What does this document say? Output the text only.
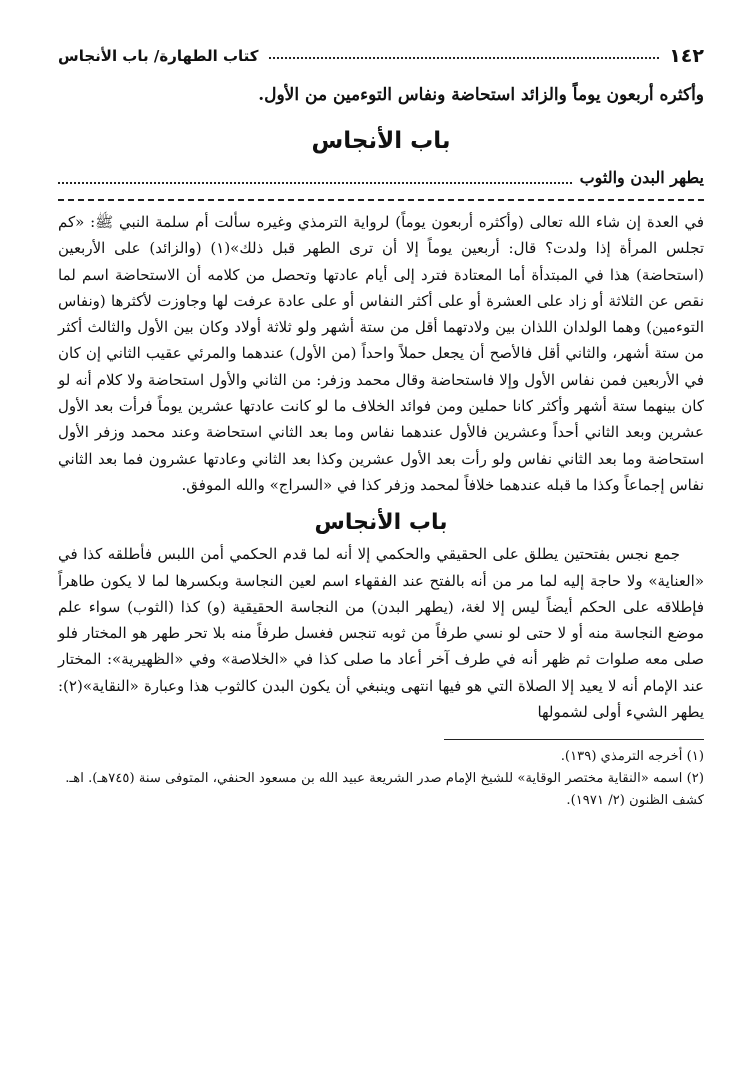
١٤٢
كتاب الطهارة/ باب الأنجاس
وأكثره أربعون يوماً والزائد استحاضة ونفاس التوءمين من الأول.
باب الأنجاس
يطهر البدن والثوب

في العدة إن شاء الله تعالى (وأكثره أربعون يوماً) لرواية الترمذي وغيره سألت أم سلمة النبي ﷺ: «كم تجلس المرأة إذا ولدت؟ قال: أربعين يوماً إلا أن ترى الطهر قبل ذلك»(١) (والزائد) على الأربعين (استحاضة) هذا في المبتدأة أما المعتادة فترد إلى أيام عادتها وتحصل من كلامه أن الاستحاضة اسم لما نقص عن الثلاثة أو زاد على العشرة أو على أكثر النفاس أو على عادة عرفت لها وجاوزت لأكثرها (ونفاس التوءمين) وهما الولدان اللذان بين ولادتهما أقل من ستة أشهر ولو ثلاثة أولاد وكان بين الأول والثالث أكثر من ستة أشهر، والثاني أقل فالأصح أن يجعل حملاً واحداً (من الأول) عندهما والمرئي عقيب الثاني إن كان في الأربعين فمن نفاس الأول وإلا فاستحاضة وقال محمد وزفر: من الثاني والأول استحاضة ولا كلام أنه لو كان بينهما ستة أشهر وأكثر كانا حملين ومن فوائد الخلاف ما لو كانت عادتها عشرين يوماً فرأت بعد الأول عشرين وبعد الثاني أحداً وعشرين فالأول عندهما نفاس وما بعد الثاني استحاضة وعند محمد وزفر الأول استحاضة وما بعد الثاني نفاس ولو رأت بعد الأول عشرين وكذا بعد الثاني وعادتها عشرون فما بعد الثاني نفاس إجماعاً وكذا ما قبله عندهما خلافاً لمحمد وزفر كذا في «السراج» والله الموفق.

باب الأنجاس

جمع نجس بفتحتين يطلق على الحقيقي والحكمي إلا أنه لما قدم الحكمي أمن اللبس فأطلقه كذا في «العناية» ولا حاجة إليه لما مر من أنه بالفتح عند الفقهاء اسم لعين النجاسة وبكسرها لما لا يكون طاهراً فإطلاقه على الحكم أيضاً ليس إلا لغة، (يطهر البدن) من النجاسة الحقيقية (و) كذا (الثوب) سواء علم موضع النجاسة منه أو لا حتى لو نسي طرفاً من ثوبه تنجس فغسل طرفاً منه بلا تحر طهر هو المختار فلو صلى معه صلوات ثم ظهر أنه في طرف آخر أعاد ما صلى كذا في «الخلاصة» وفي «الظهيرية»: المختار عند الإمام أنه لا يعيد إلا الصلاة التي هو فيها انتهى وينبغي أن يكون البدن كالثوب هذا وعبارة «النقاية»(٢): يطهر الشيء أولى لشمولها

(١) أخرجه الترمذي (١٣٩).

(٢) اسمه «النقاية مختصر الوقاية» للشيخ الإمام صدر الشريعة عبيد الله بن مسعود الحنفي، المتوفى سنة (٧٤٥هـ). اهـ. كشف الظنون (٢/ ١٩٧١).
